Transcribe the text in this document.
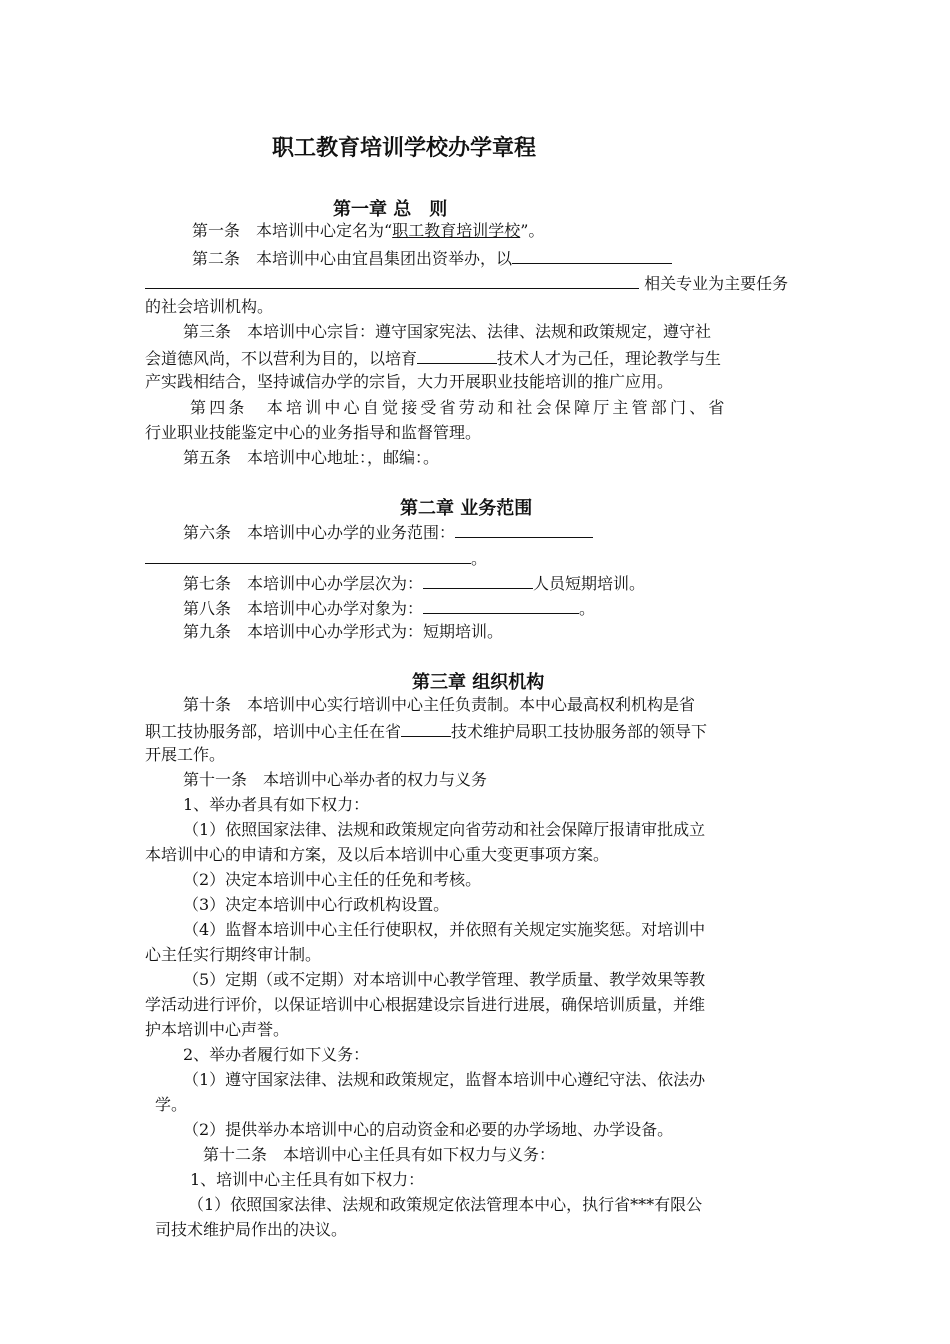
职工教育培训学校办学章程
第一章 总　则
第一条　本培训中心定名为“职工教育培训学校”。
第二条　本培训中心由宜昌集团出资举办，以
相关专业为主要任务
的社会培训机构。
第三条　本培训中心宗旨：遵守国家宪法、法律、法规和政策规定，遵守社
会道德风尚，不以营利为目的，以培育	技术人才为己任，理论教学与生
产实践相结合，坚持诚信办学的宗旨，大力开展职业技能培训的推广应用。
第四条　本培训中心自觉接受省劳动和社会保障厅主管部门、省
行业职业技能鉴定中心的业务指导和监督管理。
第五条　本培训中心地址：，邮编：。
第二章 业务范围
第六条　本培训中心办学的业务范围：
。
第七条　本培训中心办学层次为：	人员短期培训。
第八条　本培训中心办学对象为：	。
第九条　本培训中心办学形式为：短期培训。
第三章 组织机构
第十条　本培训中心实行培训中心主任负责制。本中心最高权利机构是省
职工技协服务部，培训中心主任在省	技术维护局职工技协服务部的领导下
开展工作。
第十一条　本培训中心举办者的权力与义务
1、举办者具有如下权力：
（1）依照国家法律、法规和政策规定向省劳动和社会保障厅报请审批成立
本培训中心的申请和方案，及以后本培训中心重大变更事项方案。
（2）决定本培训中心主任的任免和考核。
（3）决定本培训中心行政机构设置。
（4）监督本培训中心主任行使职权，并依照有关规定实施奖惩。对培训中
心主任实行期终审计制。
（5）定期（或不定期）对本培训中心教学管理、教学质量、教学效果等教
学活动进行评价，以保证培训中心根据建设宗旨进行进展，确保培训质量，并维
护本培训中心声誉。
2、举办者履行如下义务：
（1）遵守国家法律、法规和政策规定，监督本培训中心遵纪守法、依法办
学。
（2）提供举办本培训中心的启动资金和必要的办学场地、办学设备。
第十二条　本培训中心主任具有如下权力与义务：
1、培训中心主任具有如下权力：
（1）依照国家法律、法规和政策规定依法管理本中心，执行省***有限公
司技术维护局作出的决议。
